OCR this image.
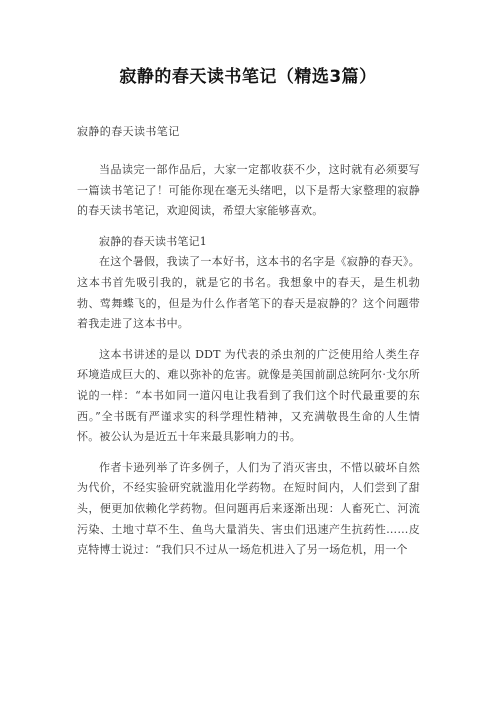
寂静的春天读书笔记（精选3篇）
寂静的春天读书笔记

当品读完一部作品后，大家一定都收获不少，这时就有必须要写一篇读书笔记了！可能你现在毫无头绪吧，以下是帮大家整理的寂静的春天读书笔记，欢迎阅读，希望大家能够喜欢。

寂静的春天读书笔记1

在这个暑假，我读了一本好书，这本书的名字是《寂静的春天》。这本书首先吸引我的，就是它的书名。我想象中的春天，是生机勃勃、莺舞蝶飞的，但是为什么作者笔下的春天是寂静的？这个问题带着我走进了这本书中。

这本书讲述的是以 DDT 为代表的杀虫剂的广泛使用给人类生存环境造成巨大的、难以弥补的危害。就像是美国前副总统阿尔·戈尔所说的一样：“本书如同一道闪电让我看到了我们这个时代最重要的东西。”全书既有严谨求实的科学理性精神，又充满敬畏生命的人生情怀。被公认为是近五十年来最具影响力的书。

作者卡逊列举了许多例子，人们为了消灭害虫，不惜以破坏自然为代价，不经实验研究就滥用化学药物。在短时间内，人们尝到了甜头，便更加依赖化学药物。但问题再后来逐渐出现：人畜死亡、河流污染、土地寸草不生、鱼鸟大量消失、害虫们迅速产生抗药性……皮克特博士说过：“我们只不过从一场危机进入了另一场危机，用一个
